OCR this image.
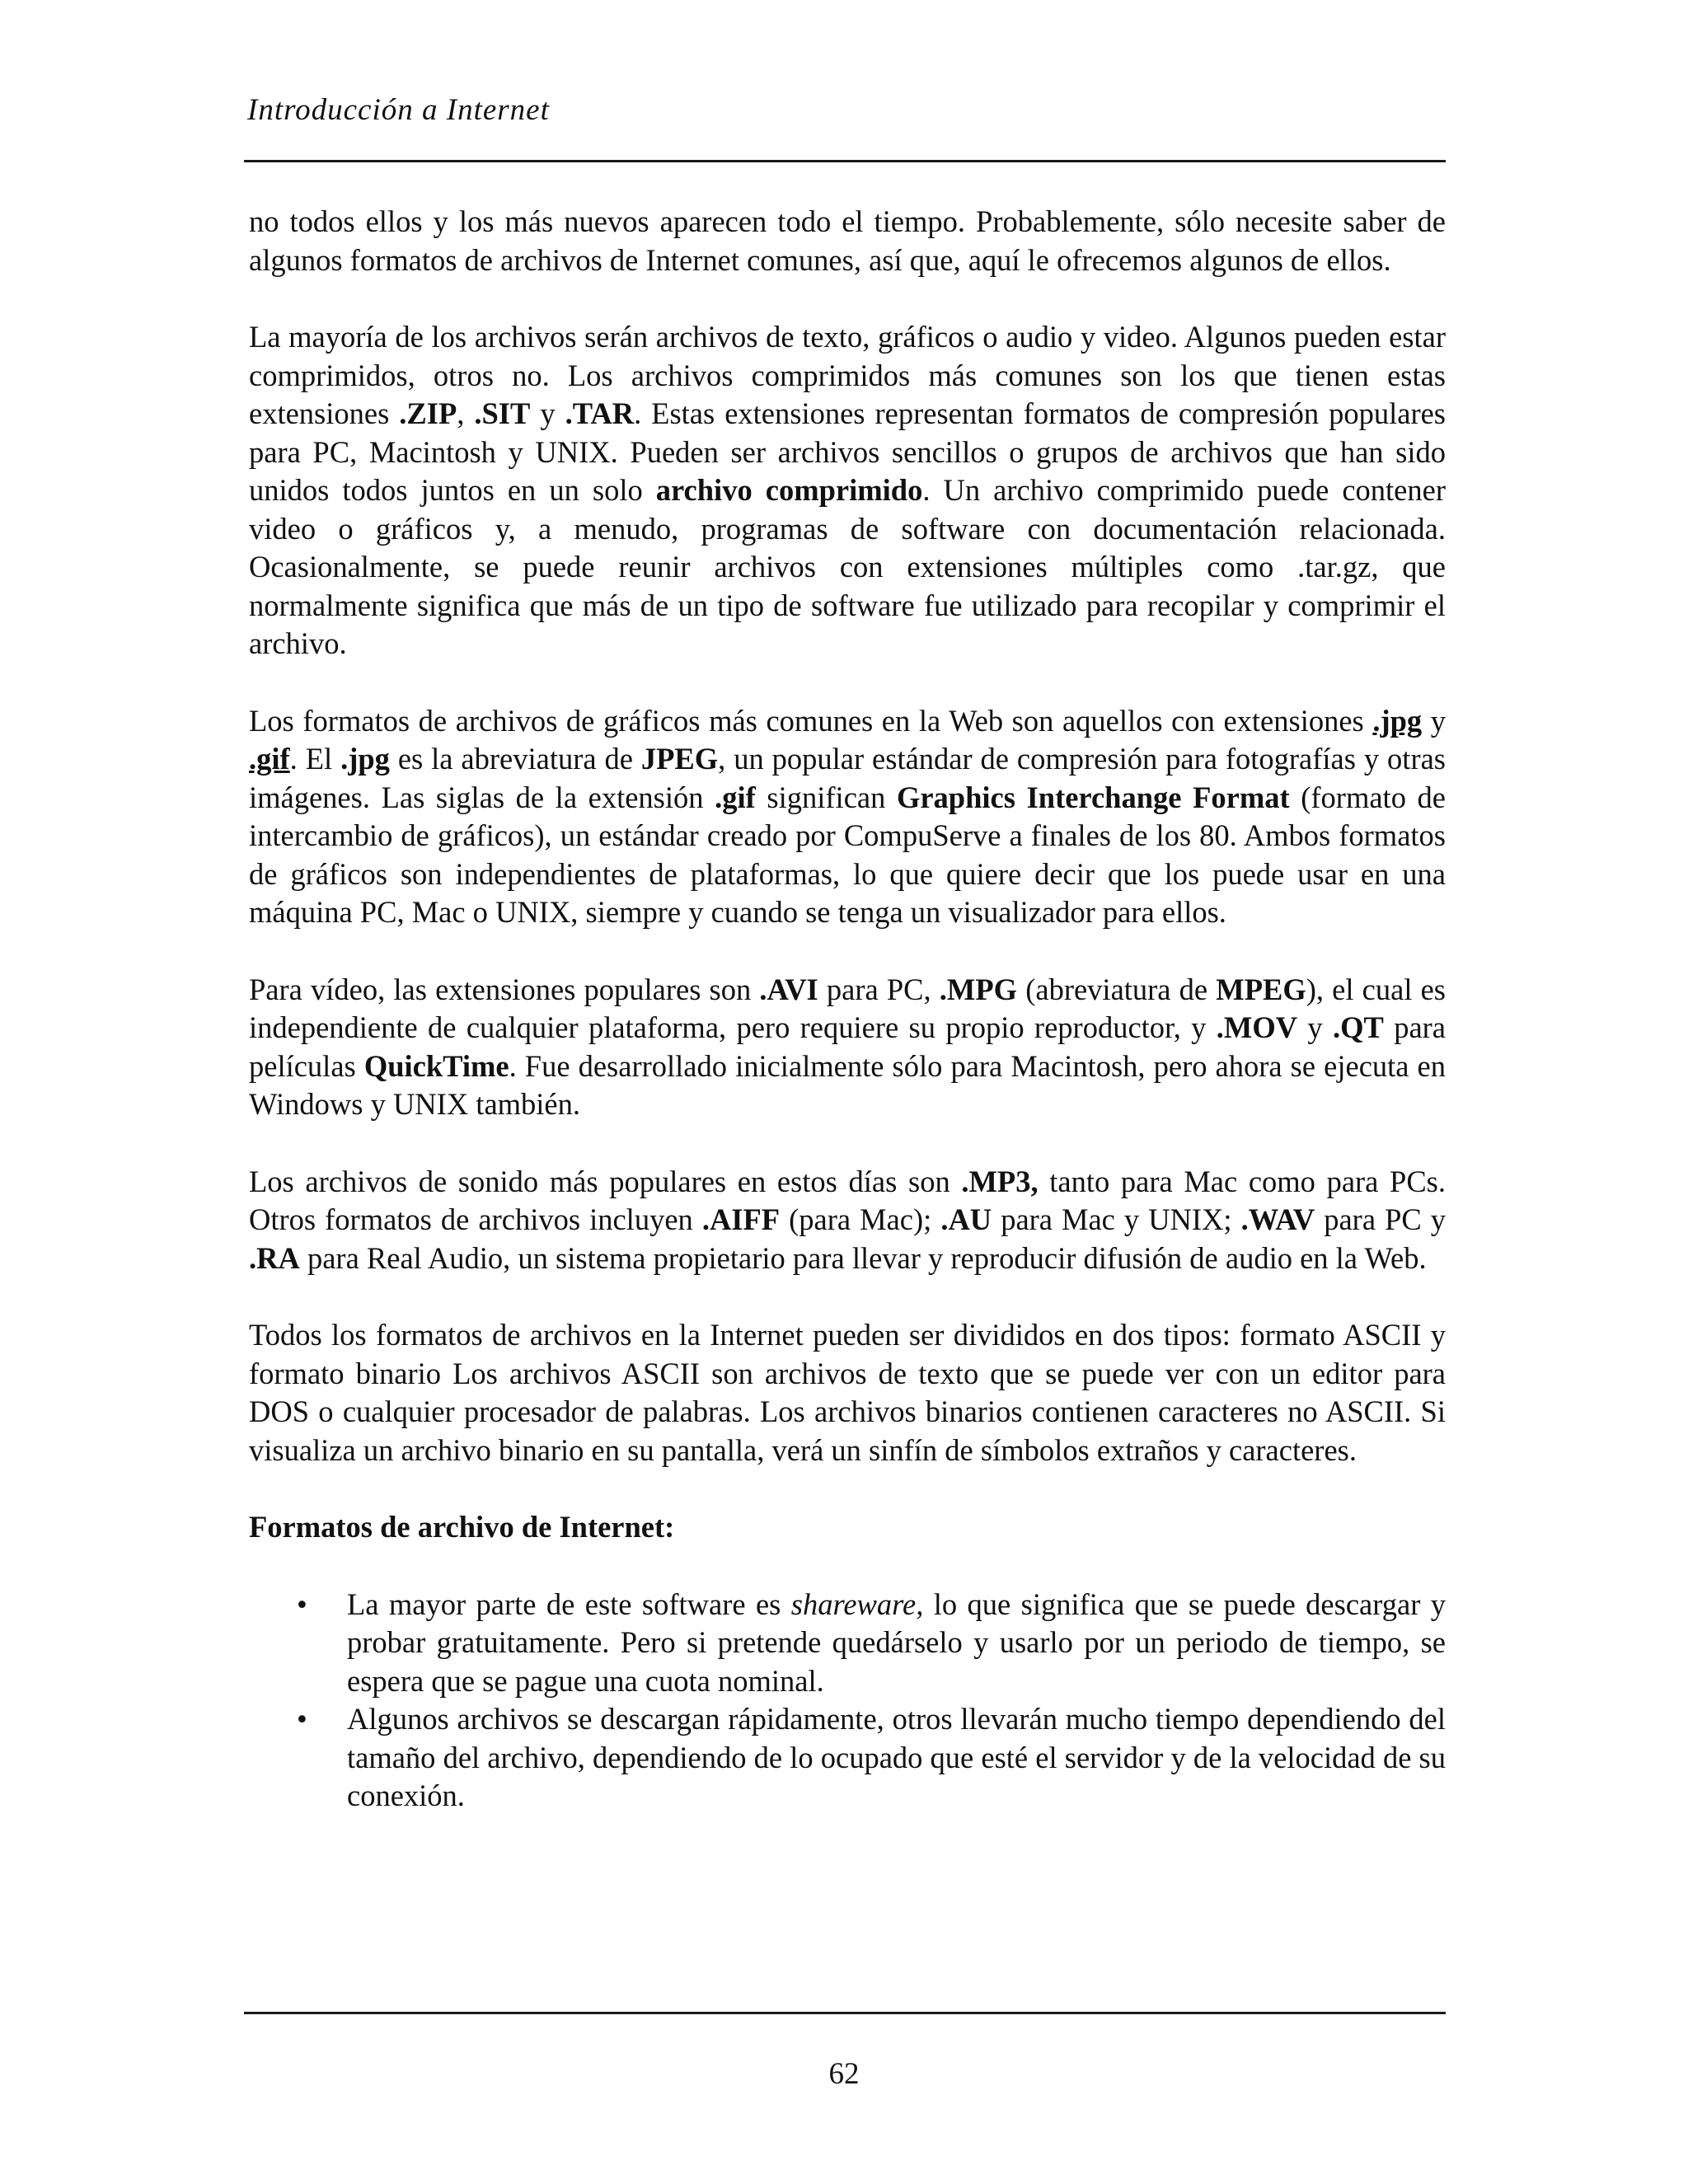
Introducción a Internet

no todos ellos y los más nuevos aparecen todo el tiempo. Probablemente, sólo necesite saber de algunos formatos de archivos de Internet comunes, así que, aquí le ofrecemos algunos de ellos.

La mayoría de los archivos serán archivos de texto, gráficos o audio y video. Algunos pueden estar comprimidos, otros no. Los archivos comprimidos más comunes son los que tienen estas extensiones .ZIP, .SIT y .TAR. Estas extensiones representan formatos de compresión populares para PC, Macintosh y UNIX. Pueden ser archivos sencillos o grupos de archivos que han sido unidos todos juntos en un solo archivo comprimido. Un archivo comprimido puede contener video o gráficos y, a menudo, programas de software con documentación relacionada. Ocasionalmente, se puede reunir archivos con extensiones múltiples como .tar.gz, que normalmente significa que más de un tipo de software fue utilizado para recopilar y comprimir el archivo.

Los formatos de archivos de gráficos más comunes en la Web son aquellos con extensiones .jpg y .gif. El .jpg es la abreviatura de JPEG, un popular estándar de compresión para fotografías y otras imágenes. Las siglas de la extensión .gif significan Graphics Interchange Format (formato de intercambio de gráficos), un estándar creado por CompuServe a finales de los 80. Ambos formatos de gráficos son independientes de plataformas, lo que quiere decir que los puede usar en una máquina PC, Mac o UNIX, siempre y cuando se tenga un visualizador para ellos.

Para vídeo, las extensiones populares son .AVI para PC, .MPG (abreviatura de MPEG), el cual es independiente de cualquier plataforma, pero requiere su propio reproductor, y .MOV y .QT para películas QuickTime. Fue desarrollado inicialmente sólo para Macintosh, pero ahora se ejecuta en Windows y UNIX también.

Los archivos de sonido más populares en estos días son .MP3, tanto para Mac como para PCs. Otros formatos de archivos incluyen .AIFF (para Mac); .AU para Mac y UNIX; .WAV para PC y .RA para Real Audio, un sistema propietario para llevar y reproducir difusión de audio en la Web.

Todos los formatos de archivos en la Internet pueden ser divididos en dos tipos: formato ASCII y formato binario Los archivos ASCII son archivos de texto que se puede ver con un editor para DOS o cualquier procesador de palabras. Los archivos binarios contienen caracteres no ASCII. Si visualiza un archivo binario en su pantalla, verá un sinfín de símbolos extraños y caracteres.

Formatos de archivo de Internet:
• La mayor parte de este software es shareware, lo que significa que se puede descargar y probar gratuitamente. Pero si pretende quedárselo y usarlo por un periodo de tiempo, se espera que se pague una cuota nominal.
• Algunos archivos se descargan rápidamente, otros llevarán mucho tiempo dependiendo del tamaño del archivo, dependiendo de lo ocupado que esté el servidor y de la velocidad de su conexión.
62
